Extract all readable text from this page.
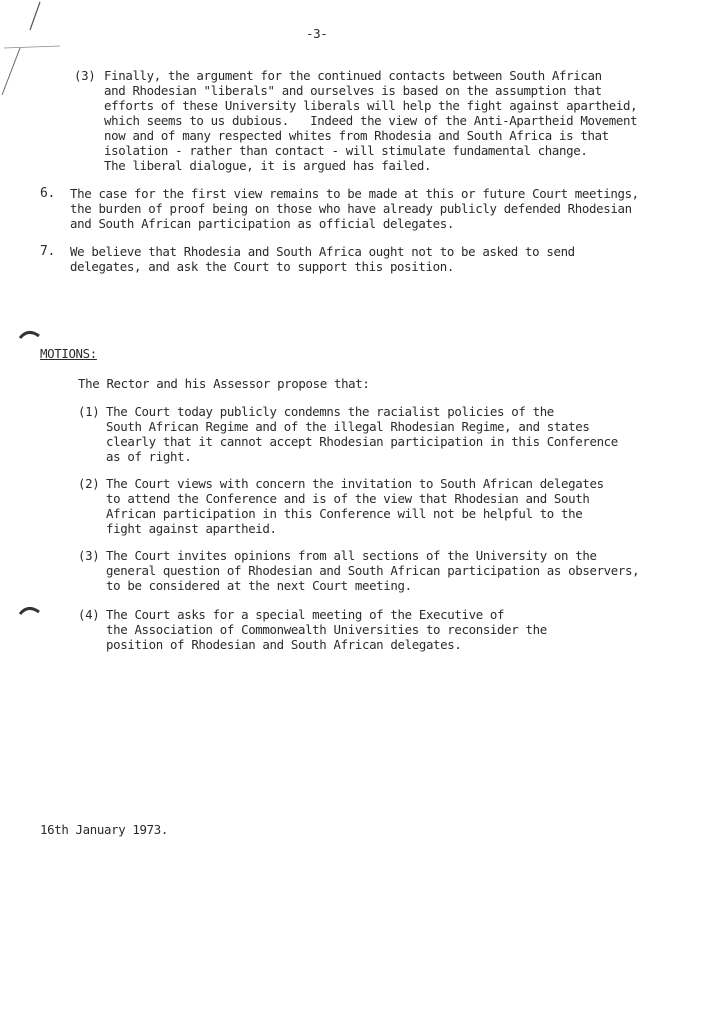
-3-
(3) Finally, the argument for the continued contacts between South African
and Rhodesian "liberals" and ourselves is based on the assumption that
efforts of these University liberals will help the fight against apartheid,
which seems to us dubious.   Indeed the view of the Anti-Apartheid Movement
now and of many respected whites from Rhodesia and South Africa is that
isolation - rather than contact - will stimulate fundamental change.
The liberal dialogue, it is argued has failed.
6. The case for the first view remains to be made at this or future Court meetings,
the burden of proof being on those who have already publicly defended Rhodesian
and South African participation as official delegates.
7. We believe that Rhodesia and South Africa ought not to be asked to send
delegates, and ask the Court to support this position.
MOTIONS:
The Rector and his Assessor propose that:
(1) The Court today publicly condemns the racialist policies of the
South African Regime and of the illegal Rhodesian Regime, and states
clearly that it cannot accept Rhodesian participation in this Conference
as of right.
(2) The Court views with concern the invitation to South African delegates
to attend the Conference and is of the view that Rhodesian and South
African participation in this Conference will not be helpful to the
fight against apartheid.
(3) The Court invites opinions from all sections of the University on the
general question of Rhodesian and South African participation as observers,
to be considered at the next Court meeting.
(4) The Court asks for a special meeting of the Executive of
the Association of Commonwealth Universities to reconsider the
position of Rhodesian and South African delegates.
16th January 1973.
